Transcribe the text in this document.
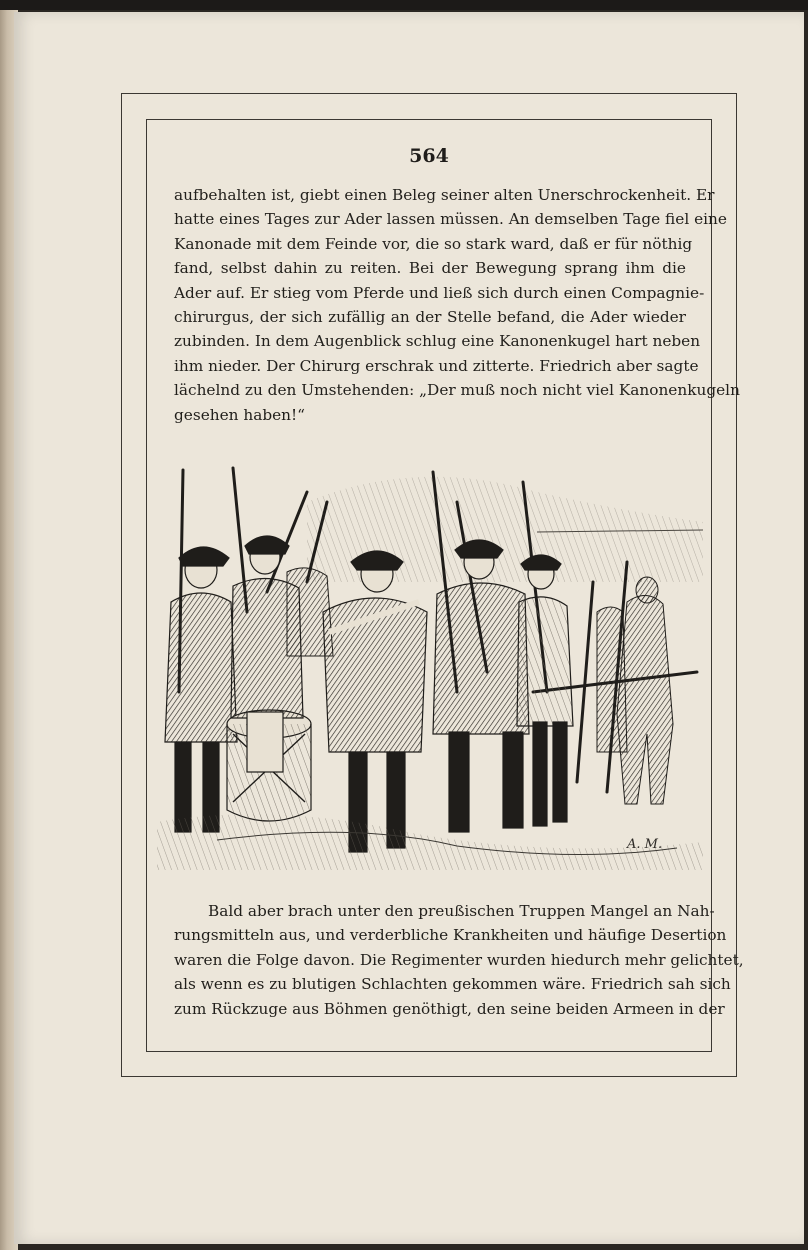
564
aufbehalten ist, giebt einen Beleg seiner alten Unerschrockenheit. Er
hatte eines Tages zur Ader lassen müssen. An demselben Tage fiel eine
Kanonade mit dem Feinde vor, die so stark ward, daß er für nöthig
fand, selbst dahin zu reiten. Bei der Bewegung sprang ihm die
Ader auf. Er stieg vom Pferde und ließ sich durch einen Compagnie-
chirurgus, der sich zufällig an der Stelle befand, die Ader wieder
zubinden. In dem Augenblick schlug eine Kanonenkugel hart neben
ihm nieder. Der Chirurg erschrak und zitterte. Friedrich aber sagte
lächelnd zu den Umstehenden: „Der muß noch nicht viel Kanonenkugeln
gesehen haben!“
A. M.
Bald aber brach unter den preußischen Truppen Mangel an Nah-
rungsmitteln aus, und verderbliche Krankheiten und häufige Desertion
waren die Folge davon. Die Regimenter wurden hiedurch mehr gelichtet,
als wenn es zu blutigen Schlachten gekommen wäre. Friedrich sah sich
zum Rückzuge aus Böhmen genöthigt, den seine beiden Armeen in der
